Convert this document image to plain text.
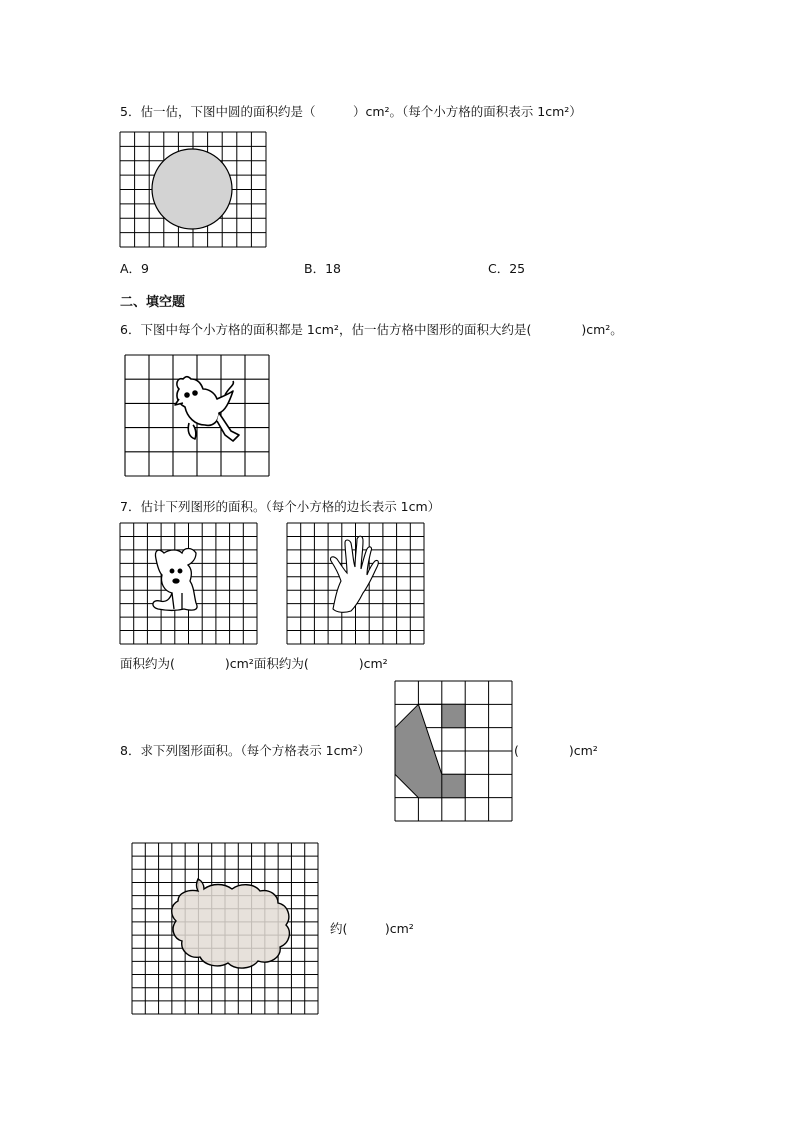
5．估一估，下图中圆的面积约是（　　　）cm²。（每个小方格的面积表示 1cm²）
A．9	B．18	C．25
二、填空题
6．下图中每个小方格的面积都是 1cm²，估一估方格中图形的面积大约是(　　　　)cm²。
7．估计下列图形的面积。（每个小方格的边长表示 1cm）
面积约为(　　　　)cm²面积约为(　　　　)cm²
8．求下列图形面积。（每个方格表示 1cm²）	(　　　　)cm²
约(　　　)cm²
